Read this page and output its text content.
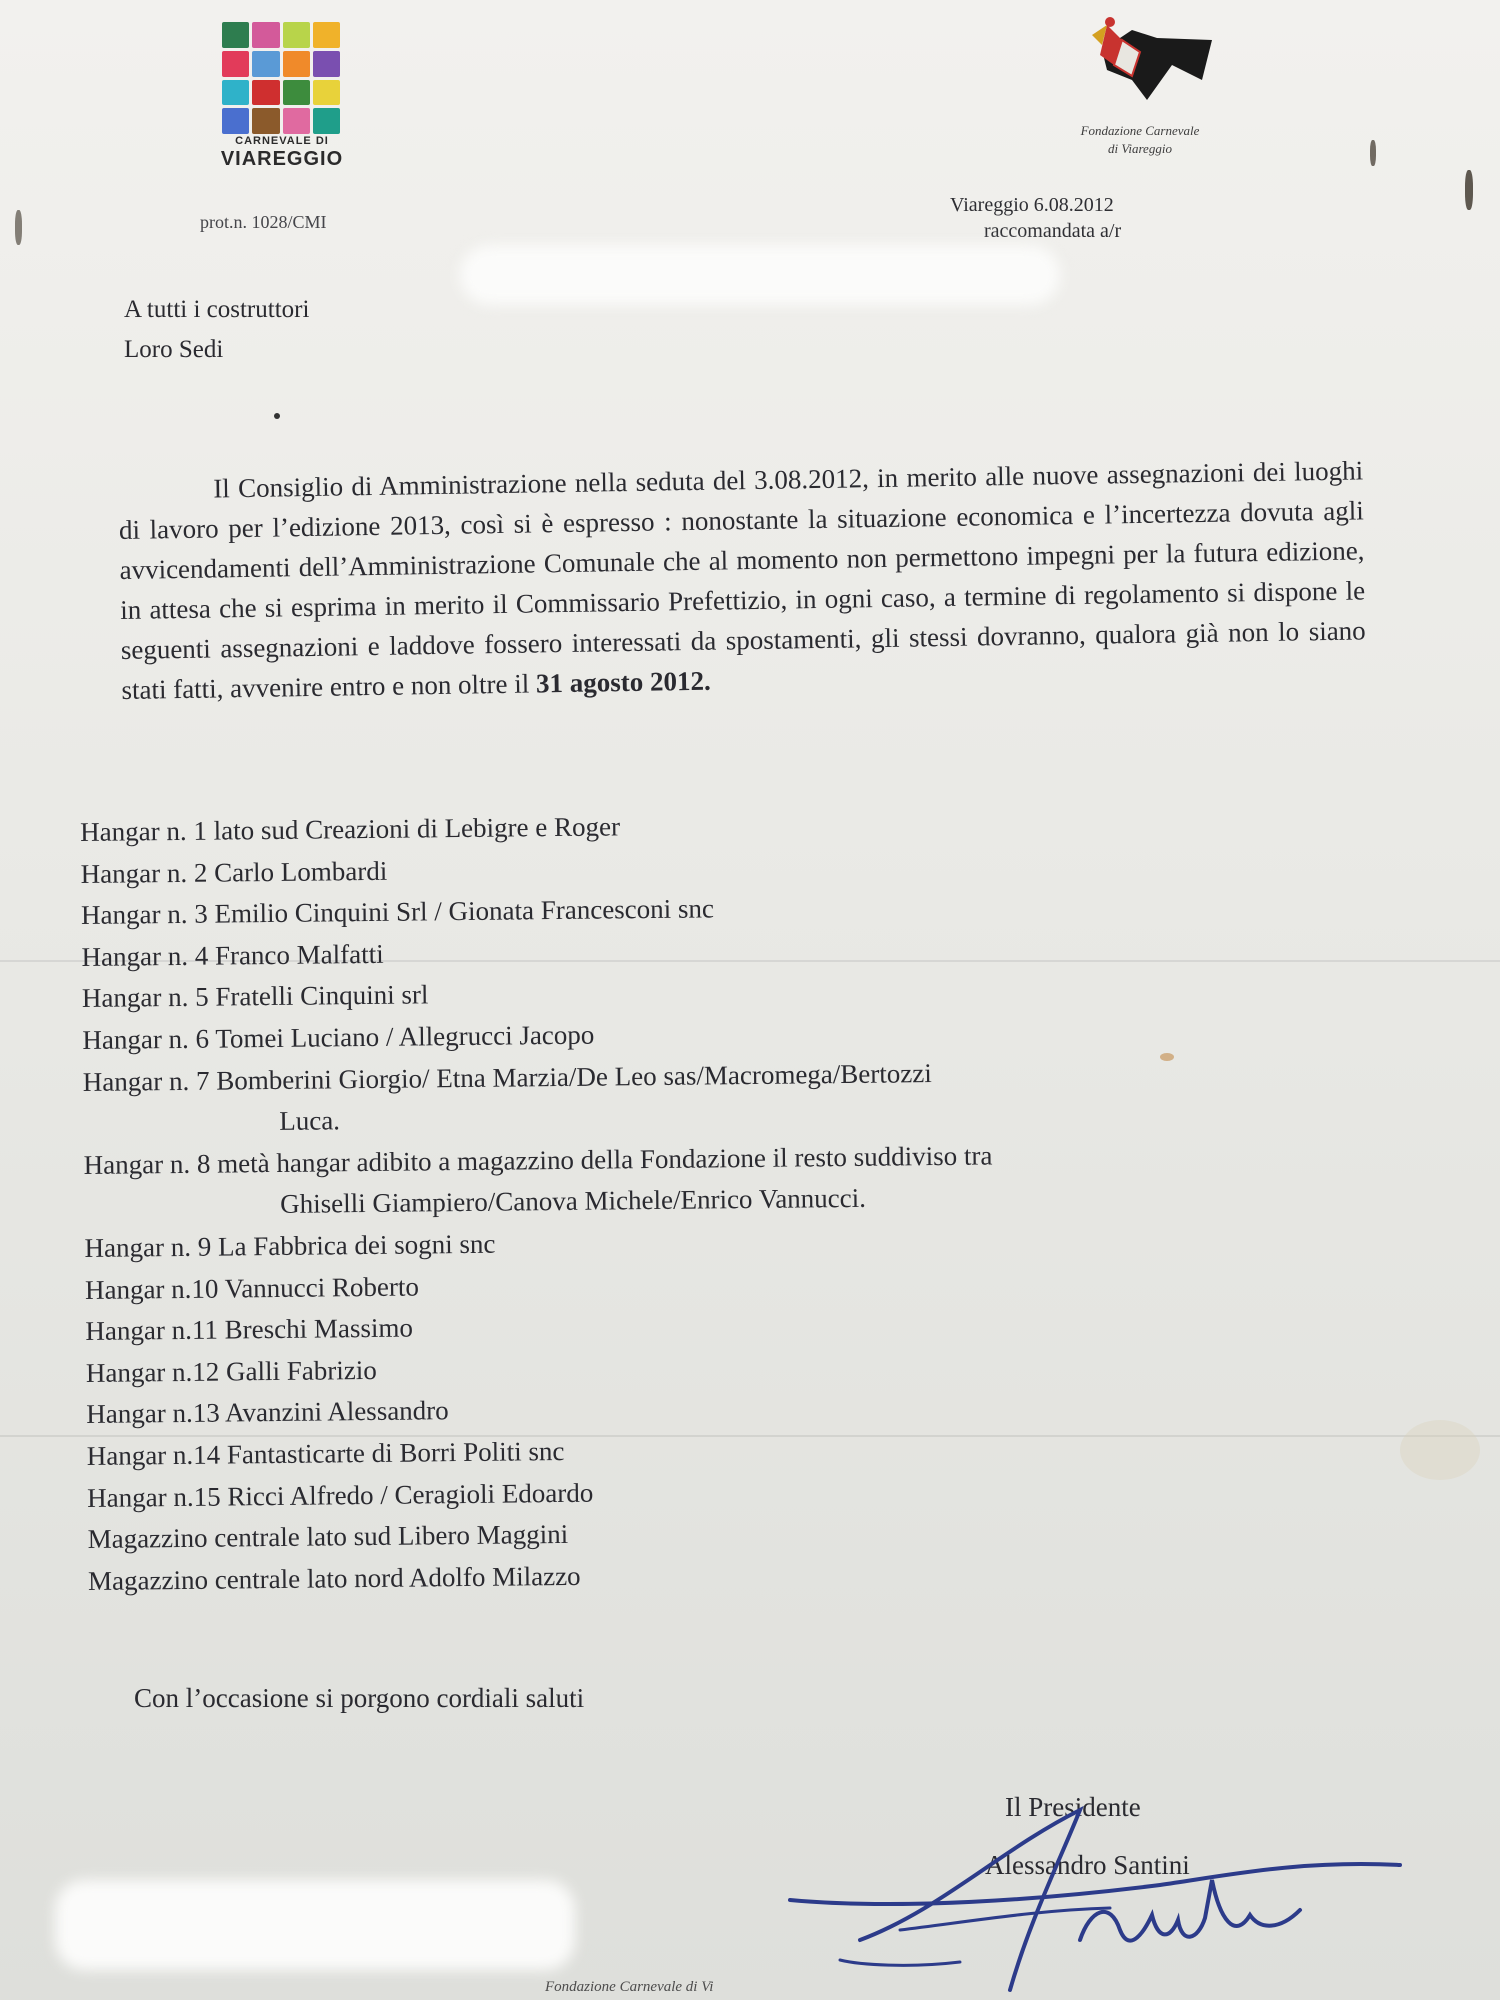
CARNEVALE DI
VIAREGGIO
Fondazione Carnevale
di Viareggio
prot.n. 1028/CMI
Viareggio 6.08.2012
raccomandata a/r
A tutti i costruttori
Loro Sedi

Il Consiglio di Amministrazione nella seduta del 3.08.2012, in merito alle nuove assegnazioni dei luoghi di lavoro per l’edizione 2013, così si è espresso : nonostante la situazione economica e l’incertezza dovuta agli avvicendamenti dell’Amministrazione Comunale che al momento non permettono impegni per la futura edizione, in attesa che si esprima in merito il Commissario Prefettizio, in ogni caso, a termine di regolamento si dispone le seguenti assegnazioni e laddove fossero interessati da spostamenti, gli stessi dovranno, qualora già non lo siano stati fatti, avvenire entro e non oltre il 31 agosto 2012.

Hangar n. 1 lato sud Creazioni di Lebigre e Roger
Hangar n. 2 Carlo Lombardi
Hangar n. 3 Emilio Cinquini Srl / Gionata Francesconi snc
Hangar n. 4 Franco Malfatti
Hangar n. 5 Fratelli Cinquini srl
Hangar n. 6 Tomei Luciano / Allegrucci Jacopo
Hangar n. 7 Bomberini Giorgio/ Etna Marzia/De Leo sas/Macromega/Bertozzi
Luca.
Hangar n. 8 metà hangar adibito a magazzino della Fondazione il resto suddiviso tra
Ghiselli Giampiero/Canova Michele/Enrico Vannucci.
Hangar n. 9 La Fabbrica dei sogni snc
Hangar n.10 Vannucci Roberto
Hangar n.11 Breschi Massimo
Hangar n.12 Galli Fabrizio
Hangar n.13 Avanzini Alessandro
Hangar n.14 Fantasticarte di Borri Politi snc
Hangar n.15 Ricci Alfredo / Ceragioli Edoardo
Magazzino centrale lato sud Libero Maggini
Magazzino centrale lato nord Adolfo Milazzo
Con l’occasione si porgono cordiali saluti
Il Presidente
Alessandro Santini
Fondazione Carnevale di Vi
